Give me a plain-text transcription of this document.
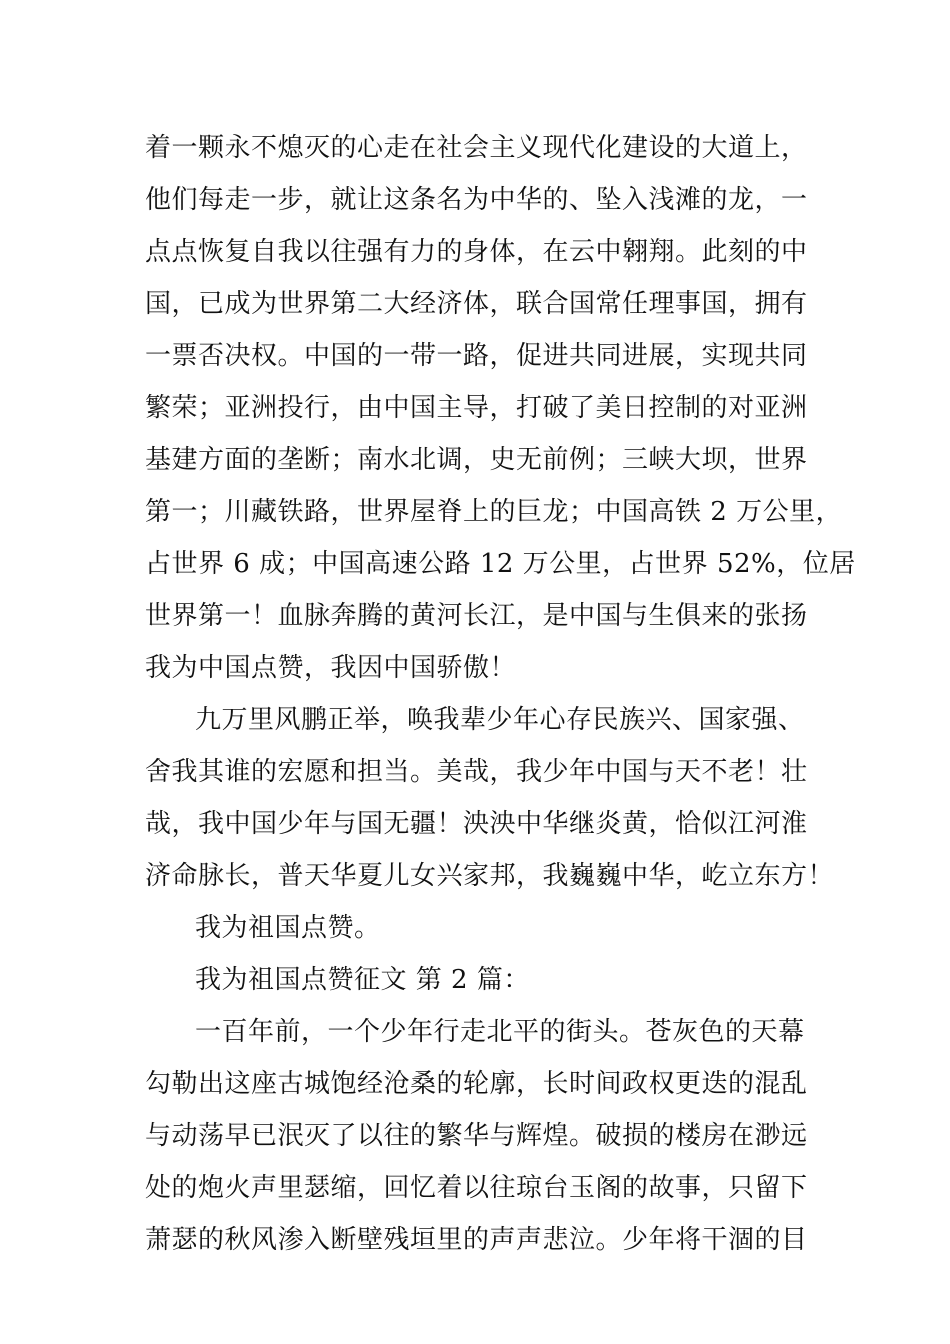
着一颗永不熄灭的心走在社会主义现代化建设的大道上，
他们每走一步，就让这条名为中华的、坠入浅滩的龙，一
点点恢复自我以往强有力的身体，在云中翱翔。此刻的中
国，已成为世界第二大经济体，联合国常任理事国，拥有
一票否决权。中国的一带一路，促进共同进展，实现共同
繁荣；亚洲投行，由中国主导，打破了美日控制的对亚洲
基建方面的垄断；南水北调，史无前例；三峡大坝，世界
第一；川藏铁路，世界屋脊上的巨龙；中国高铁 2 万公里，
占世界 6 成；中国高速公路 12 万公里，占世界 52%，位居
世界第一！血脉奔腾的黄河长江，是中国与生俱来的张扬
我为中国点赞，我因中国骄傲！
九万里风鹏正举，唤我辈少年心存民族兴、国家强、
舍我其谁的宏愿和担当。美哉，我少年中国与天不老！壮
哉，我中国少年与国无疆！泱泱中华继炎黄，恰似江河淮
济命脉长，普天华夏儿女兴家邦，我巍巍中华，屹立东方！
我为祖国点赞。
我为祖国点赞征文 第 2 篇：
一百年前，一个少年行走北平的街头。苍灰色的天幕
勾勒出这座古城饱经沧桑的轮廓，长时间政权更迭的混乱
与动荡早已泯灭了以往的繁华与辉煌。破损的楼房在渺远
处的炮火声里瑟缩，回忆着以往琼台玉阁的故事，只留下
萧瑟的秋风渗入断壁残垣里的声声悲泣。少年将干涸的目
